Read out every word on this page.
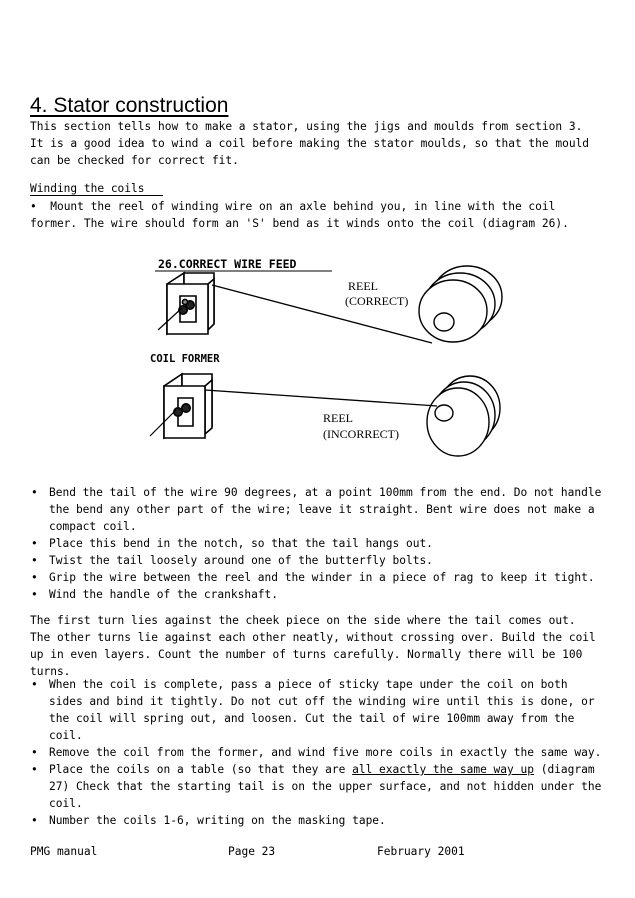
4. Stator construction

This section tells how to make a stator, using the jigs and moulds from section 3. It is a good idea to wind a coil before making the stator moulds, so that the mould can be checked for correct fit.

Winding the coils

•  Mount the reel of winding wire on an axle behind you, in line with the coil former. The wire should form an 'S' bend as it winds onto the coil (diagram 26).

26.CORRECT WIRE FEED
REEL
(CORRECT)
COIL FORMER
REEL
(INCORRECT)
• Bend the tail of the wire 90 degrees, at a point 100mm from the end. Do not handle the bend any other part of the wire; leave it straight. Bent wire does not make a compact coil.
• Place this bend in the notch, so that the tail hangs out.
• Twist the tail loosely around one of the butterfly bolts.
• Grip the wire between the reel and the winder in a piece of rag to keep it tight.
• Wind the handle of the crankshaft.

The first turn lies against the cheek piece on the side where the tail comes out. The other turns lie against each other neatly, without crossing over. Build the coil up in even layers. Count the number of turns carefully. Normally there will be 100 turns.

• When the coil is complete, pass a piece of sticky tape under the coil on both sides and bind it tightly. Do not cut off the winding wire until this is done, or the coil will spring out, and loosen. Cut the tail of wire 100mm away from the coil.
• Remove the coil from the former, and wind five more coils in exactly the same way.
• Place the coils on a table (so that they are all exactly the same way up (diagram 27) Check that the starting tail is on the upper surface, and not hidden under the coil.
• Number the coils 1-6, writing on the masking tape.
PMG manual	Page 23	February 2001
